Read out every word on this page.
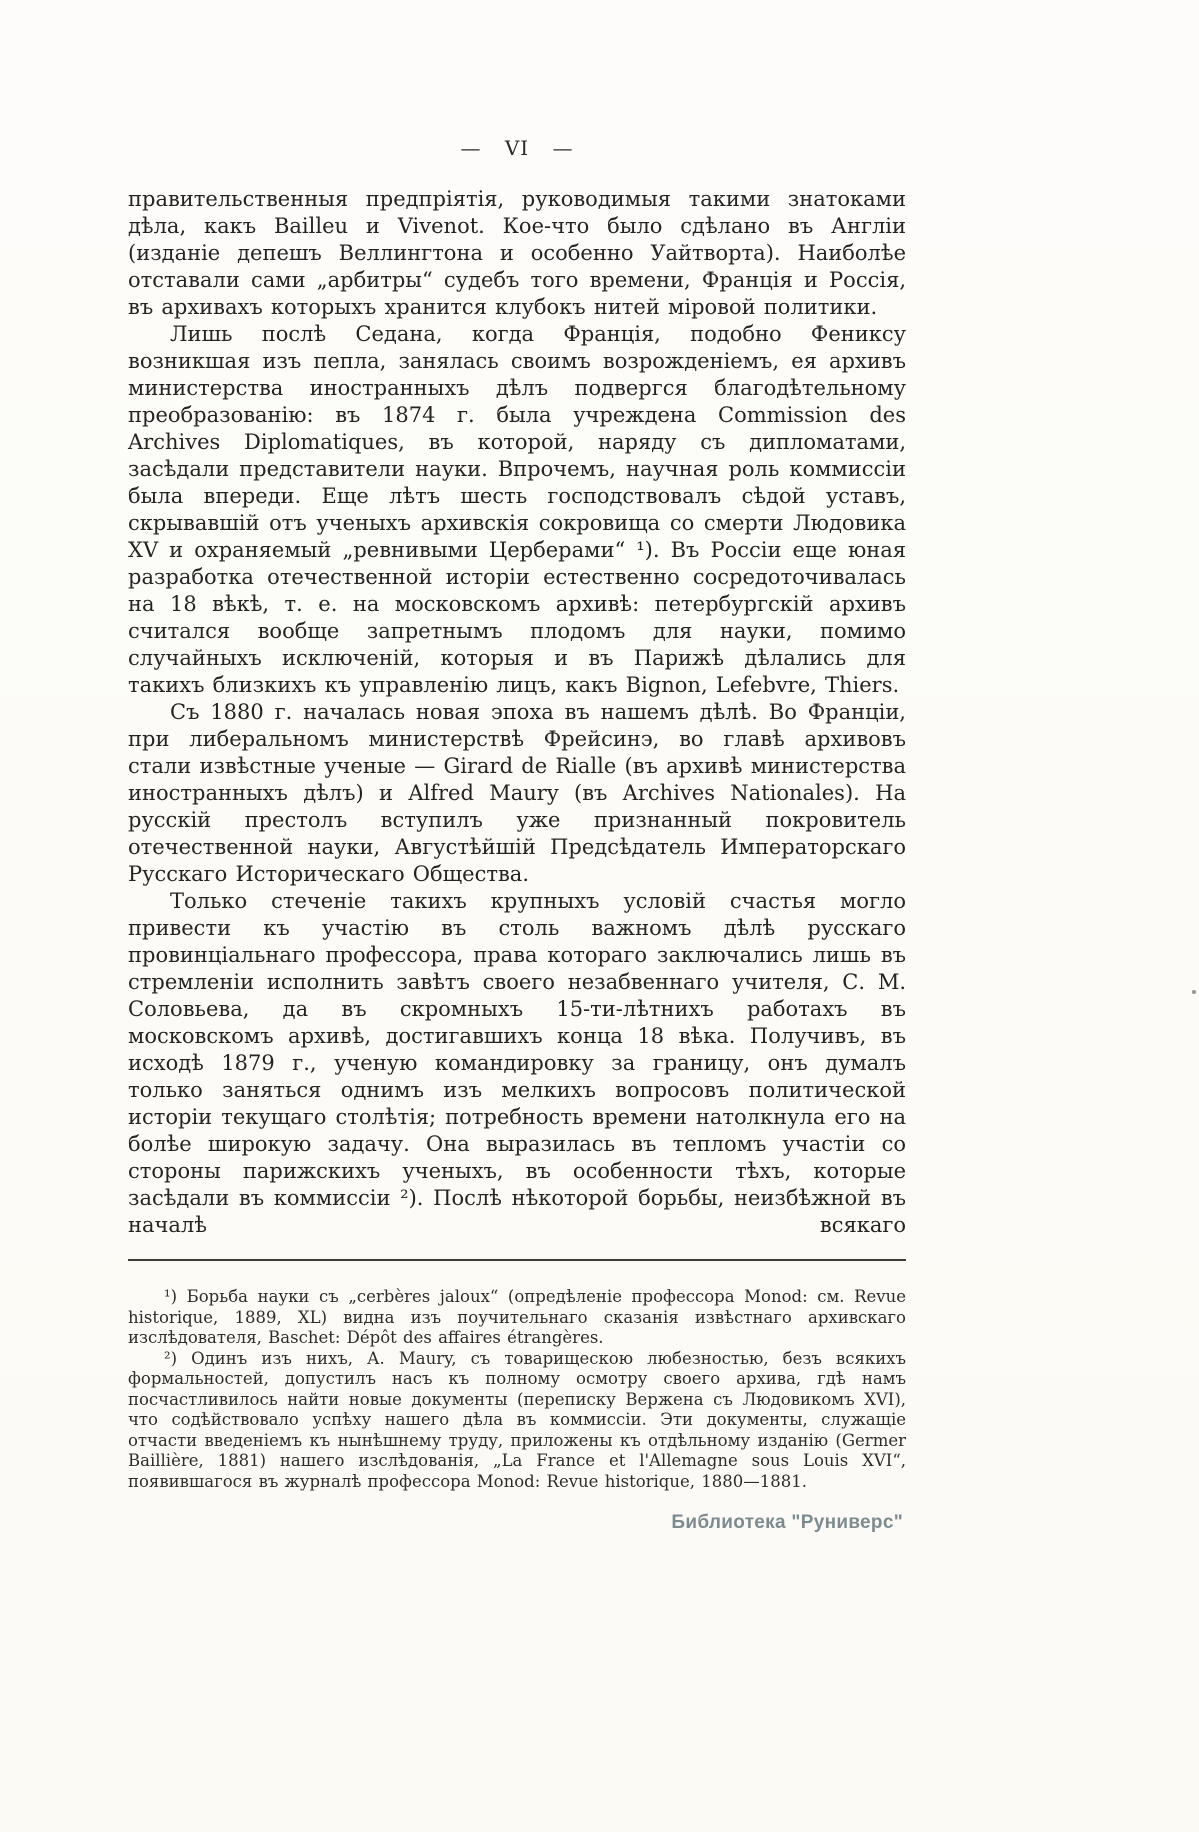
— VI —

правительственныя предпріятія, руководимыя такими знатоками дѣла, какъ Bailleu и Vivenot. Кое-что было сдѣлано въ Англіи (изданіе депешъ Веллингтона и особенно Уайтворта). Наиболѣе отставали сами „арбитры“ судебъ того времени, Франція и Россія, въ архивахъ которыхъ хранится клубокъ нитей міровой политики.

Лишь послѣ Седана, когда Франція, подобно Фениксу возникшая изъ пепла, занялась своимъ возрожденіемъ, ея архивъ министерства иностранныхъ дѣлъ подвергся благодѣтельному преобразованію: въ 1874 г. была учреждена Commission des Archives Diplomatiques, въ которой, наряду съ дипломатами, засѣдали представители науки. Впрочемъ, научная роль коммиссіи была впереди. Еще лѣтъ шесть господствовалъ сѣдой уставъ, скрывавшій отъ ученыхъ архивскія сокровища со смерти Людовика XV и охраняемый „ревнивыми Церберами“ ¹). Въ Россіи еще юная разработка отечественной исторіи естественно сосредоточивалась на 18 вѣкѣ, т. е. на московскомъ архивѣ: петербургскій архивъ считался вообще запретнымъ плодомъ для науки, помимо случайныхъ исключеній, которыя и въ Парижѣ дѣлались для такихъ близкихъ къ управленію лицъ, какъ Bignon, Lefebvre, Thiers.

Съ 1880 г. началась новая эпоха въ нашемъ дѣлѣ. Во Франціи, при либеральномъ министерствѣ Фрейсинэ, во главѣ архивовъ стали извѣстные ученые — Girard de Rialle (въ архивѣ министерства иностранныхъ дѣлъ) и Alfred Maury (въ Archives Nationales). На русскій престолъ вступилъ уже признанный покровитель отечественной науки, Августѣйшій Предсѣдатель Императорскаго Русскаго Историческаго Общества.

Только стеченіе такихъ крупныхъ условій счастья могло привести къ участію въ столь важномъ дѣлѣ русскаго провинціальнаго профессора, права котораго заключались лишь въ стремленіи исполнить завѣтъ своего незабвеннаго учителя, С. М. Соловьева, да въ скромныхъ 15-ти-лѣтнихъ работахъ въ московскомъ архивѣ, достигавшихъ конца 18 вѣка. Получивъ, въ исходѣ 1879 г., ученую командировку за границу, онъ думалъ только заняться однимъ изъ мелкихъ вопросовъ политической исторіи текущаго столѣтія; потребность времени натолкнула его на болѣе широкую задачу. Она выразилась въ тепломъ участіи со стороны парижскихъ ученыхъ, въ особенности тѣхъ, которые засѣдали въ коммиссіи ²). Послѣ нѣкоторой борьбы, неизбѣжной въ началѣ всякаго

¹) Борьба науки съ „cerbères jaloux“ (опредѣленіе профессора Monod: см. Revue historique, 1889, XL) видна изъ поучительнаго сказанія извѣстнаго архивскаго изслѣдователя, Baschet: Dépôt des affaires étrangères.

²) Одинъ изъ нихъ, А. Maury, съ товарищескою любезностью, безъ всякихъ формальностей, допустилъ насъ къ полному осмотру своего архива, гдѣ намъ посчастливилось найти новые документы (переписку Вержена съ Людовикомъ XVI), что содѣйствовало успѣху нашего дѣла въ коммиссіи. Эти документы, служащіе отчасти введеніемъ къ нынѣшнему труду, приложены къ отдѣльному изданію (Germer Baillière, 1881) нашего изслѣдованія, „La France et l'Allemagne sous Louis XVI“, появившагося въ журналѣ профессора Monod: Revue historique, 1880—1881.

Библиотека "Руниверс"
